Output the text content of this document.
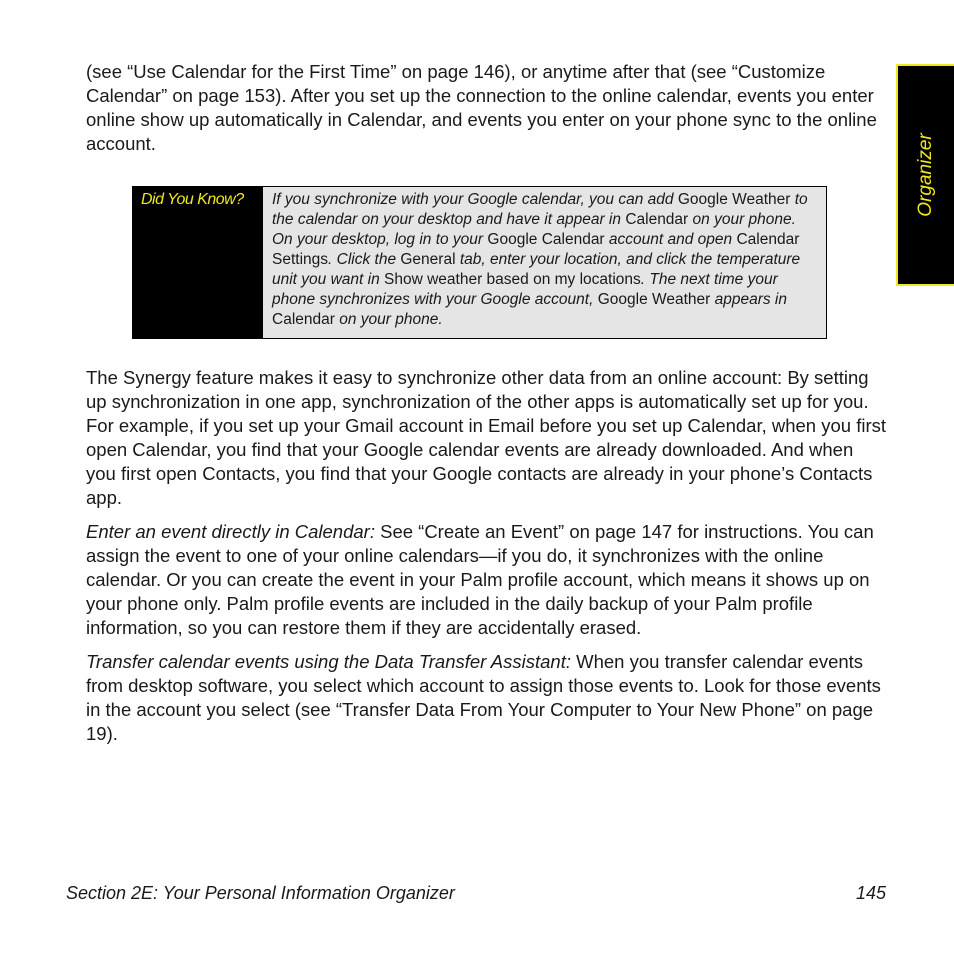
Organizer

(see “Use Calendar for the First Time” on page 146), or anytime after that (see “Customize Calendar” on page 153). After you set up the connection to the online calendar, events you enter online show up automatically in Calendar, and events you enter on your phone sync to the online account.

Did You Know?	If you synchronize with your Google calendar, you can add Google Weather to the calendar on your desktop and have it appear in Calendar on your phone. On your desktop, log in to your Google Calendar account and open Calendar Settings. Click the General tab, enter your location, and click the temperature unit you want in Show weather based on my locations. The next time your phone synchronizes with your Google account, Google Weather appears in Calendar on your phone.

The Synergy feature makes it easy to synchronize other data from an online account: By setting up synchronization in one app, synchronization of the other apps is automatically set up for you. For example, if you set up your Gmail account in Email before you set up Calendar, when you first open Calendar, you find that your Google calendar events are already downloaded. And when you first open Contacts, you find that your Google contacts are already in your phone’s Contacts app.

Enter an event directly in Calendar: See “Create an Event” on page 147 for instructions. You can assign the event to one of your online calendars—if you do, it synchronizes with the online calendar. Or you can create the event in your Palm profile account, which means it shows up on your phone only. Palm profile events are included in the daily backup of your Palm profile information, so you can restore them if they are accidentally erased.

Transfer calendar events using the Data Transfer Assistant: When you transfer calendar events from desktop software, you select which account to assign those events to. Look for those events in the account you select (see “Transfer Data From Your Computer to Your New Phone” on page 19).

Section 2E: Your Personal Information Organizer	145
